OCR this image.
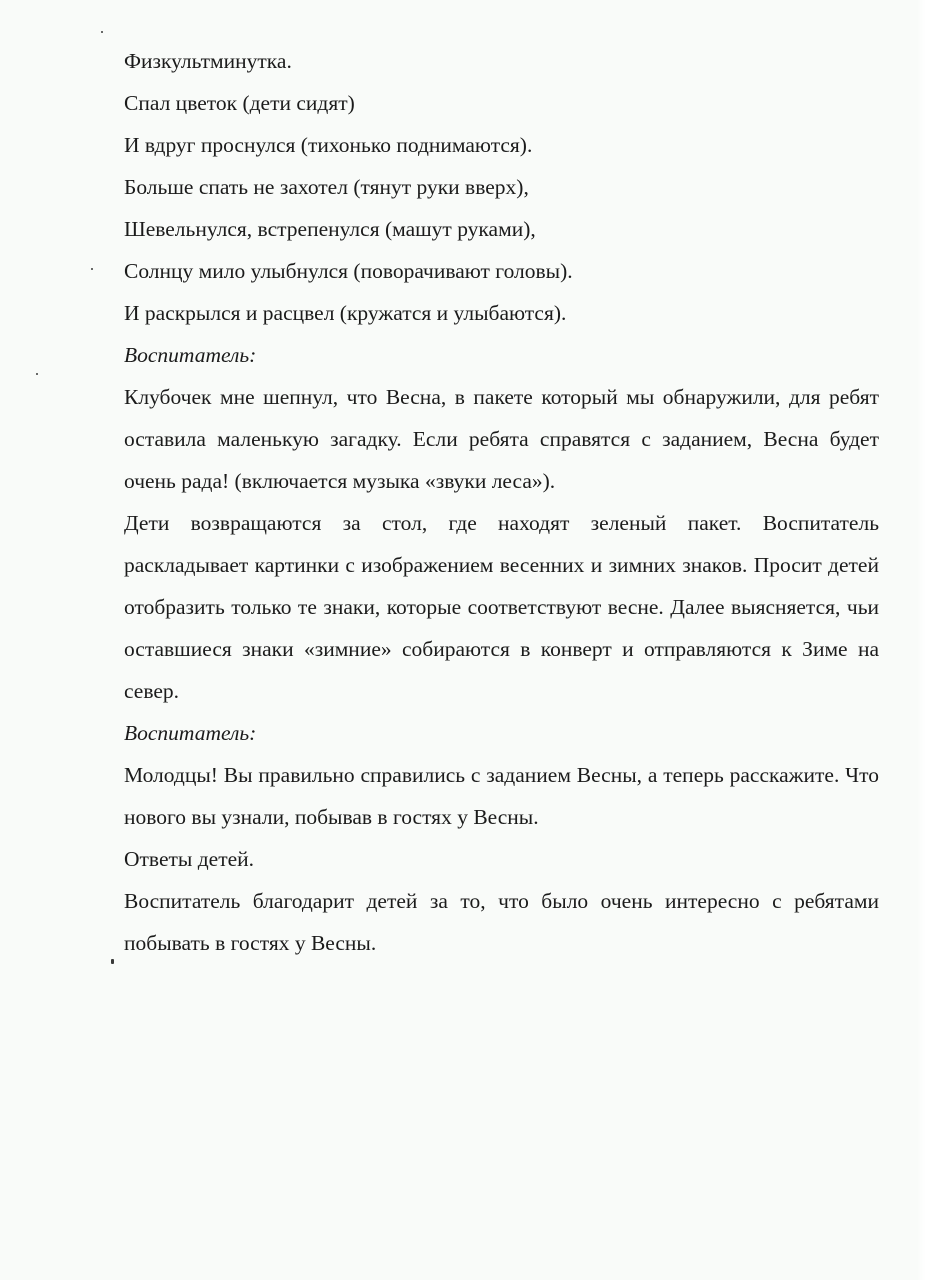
Физкультминутка.
Спал цветок (дети сидят)
И вдруг проснулся (тихонько поднимаются).
Больше спать не захотел (тянут руки вверх),
Шевельнулся, встрепенулся (машут руками),
Солнцу мило улыбнулся (поворачивают головы).
И раскрылся и расцвел (кружатся и улыбаются).
Воспитатель:
Клубочек мне шепнул, что Весна, в пакете который мы обнаружили, для ребят оставила маленькую загадку. Если ребята справятся с заданием, Весна будет очень рада! (включается музыка «звуки леса»).
Дети возвращаются за стол, где находят зеленый пакет. Воспитатель раскладывает картинки с изображением весенних и зимних знаков. Просит детей отобразить только те знаки, которые соответствуют весне. Далее выясняется, чьи оставшиеся знаки «зимние» собираются в конверт и отправляются к Зиме на север.
Воспитатель:
Молодцы! Вы правильно справились с заданием Весны, а теперь расскажите. Что нового вы узнали, побывав в гостях у Весны.
Ответы детей.
Воспитатель благодарит детей за то, что было очень интересно с ребятами побывать в гостях у Весны.
